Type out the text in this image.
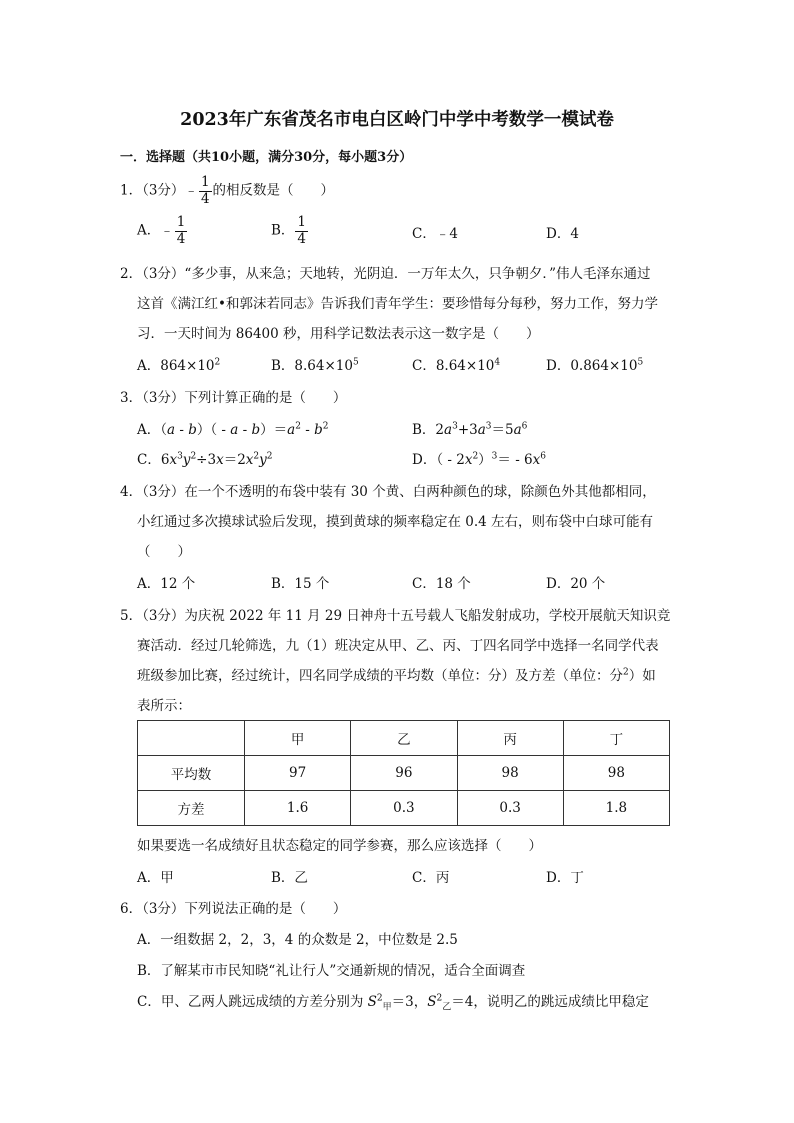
2023年广东省茂名市电白区岭门中学中考数学一模试卷
一．选择题（共10小题，满分30分，每小题3分）
1．（3分）﹣ $\frac{1}{4}$ 的相反数是（　　）
A．﹣ $\frac{1}{4}$	B． $\frac{1}{4}$	C．﹣4	D．4
2．（3分）“多少事，从来急；天地转，光阴迫．一万年太久，只争朝夕．”伟人毛泽东通过
这首《满江红•和郭沫若同志》告诉我们青年学生：要珍惜每分每秒，努力工作，努力学
习．一天时间为 86400 秒，用科学记数法表示这一数字是（　　）
A．$864\times 10^2$	B．$8.64\times 10^5$	C．$8.64\times 10^4$	D．$0.864\times 10^5$
3．（3分）下列计算正确的是（　　）
A．$(a - b)( - a - b)=a^2 - b^2$	B．$2a^3+3a^3=5a^6$
C．$6x^3y^2\div 3x=2x^2y^2$	D．（ - $2x^2)^3= - 6x^6$
4．（3分）在一个不透明的布袋中装有 30 个黄、白两种颜色的球，除颜色外其他都相同，
小红通过多次摸球试验后发现，摸到黄球的频率稳定在 0.4 左右，则布袋中白球可能有
（　　）
A．12 个	B．15 个	C．18 个	D．20 个
5．（3分）为庆祝 2022 年 11 月 29 日神舟十五号载人飞船发射成功，学校开展航天知识竞
赛活动．经过几轮筛选，九（1）班决定从甲、乙、丙、丁四名同学中选择一名同学代表
班级参加比赛，经过统计，四名同学成绩的平均数（单位：分）及方差（单位：分$^2$）如
表所示：
	甲	乙	丙	丁
平均数	97	96	98	98
方差	1.6	0.3	0.3	1.8
如果要选一名成绩好且状态稳定的同学参赛，那么应该选择（　　）
A．甲	B．乙	C．丙	D．丁
6．（3分）下列说法正确的是（　　）
A．一组数据 2，2，3，4 的众数是 2，中位数是 2.5
B．了解某市市民知晓“礼让行人”交通新规的情况，适合全面调查
C．甲、乙两人跳远成绩的方差分别为 $S^2_甲=3$，$S^2_乙=4$，说明乙的跳远成绩比甲稳定
